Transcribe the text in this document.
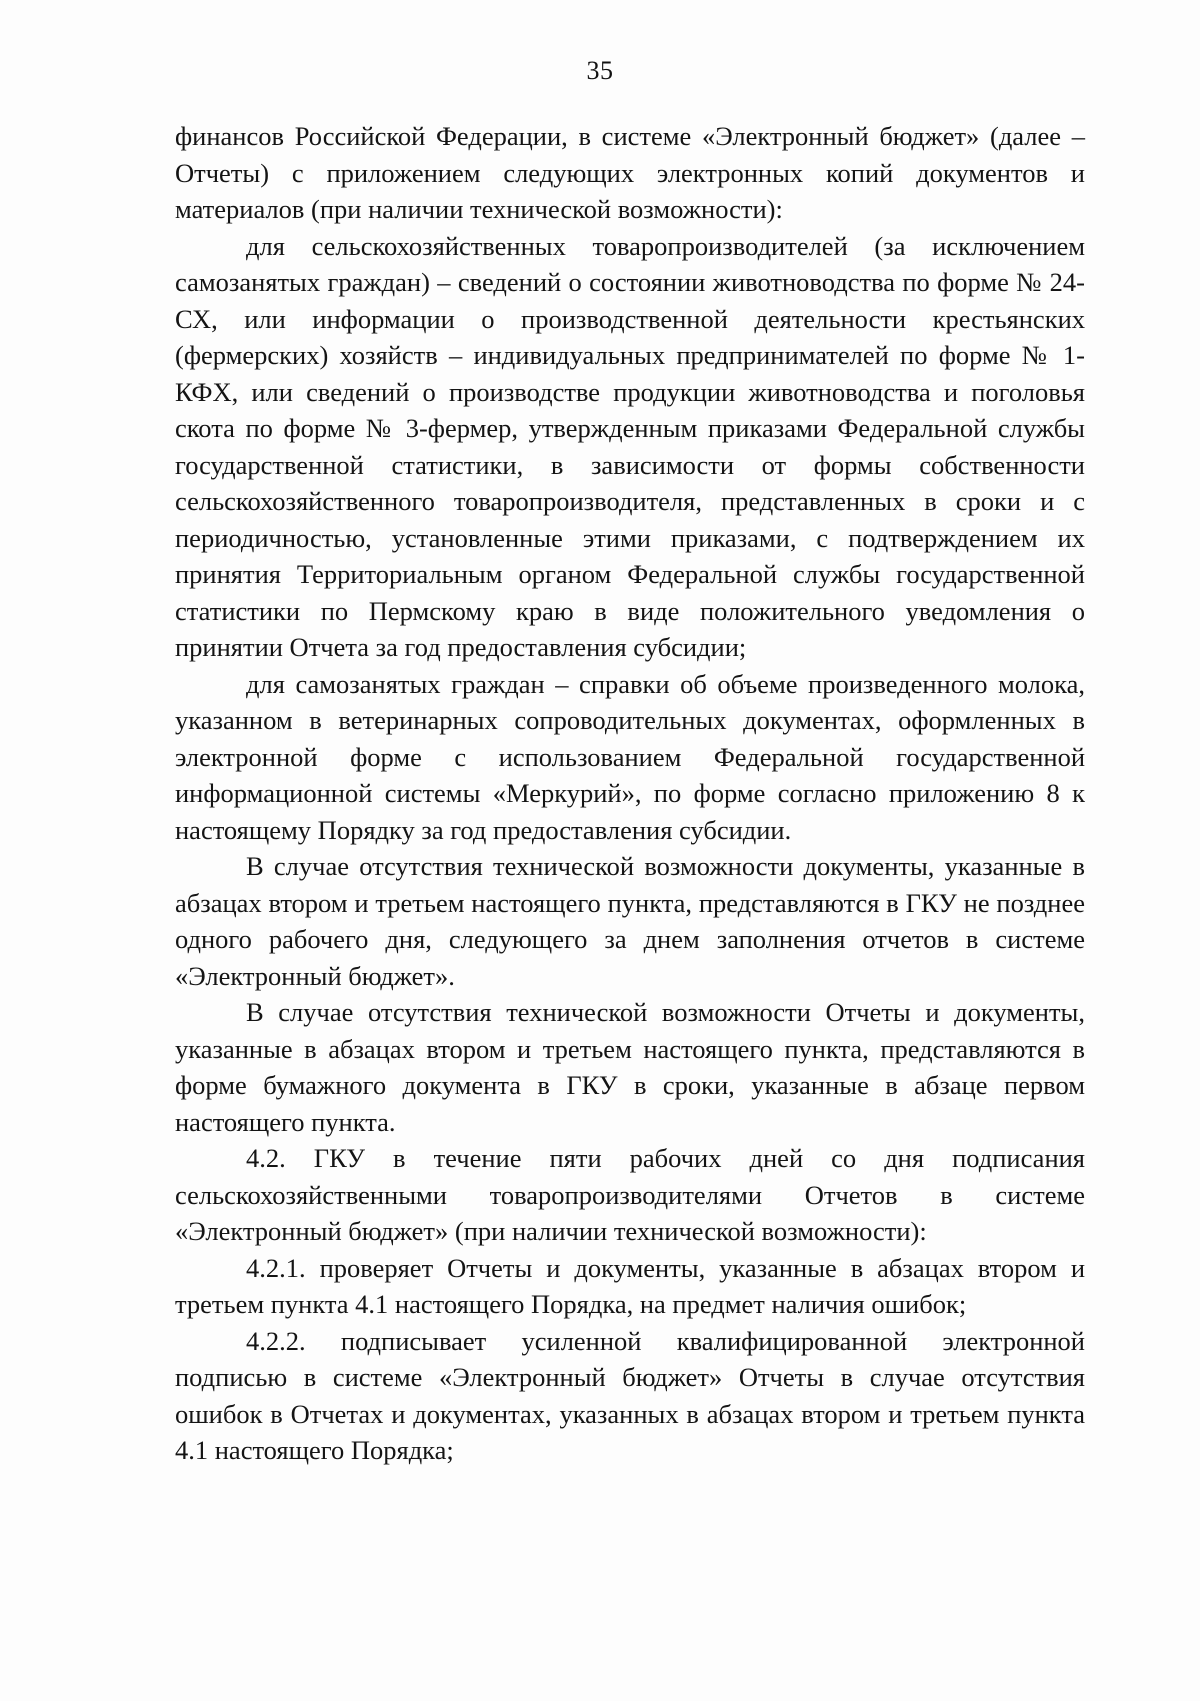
35

финансов Российской Федерации, в системе «Электронный бюджет» (далее – Отчеты) с приложением следующих электронных копий документов и материалов (при наличии технической возможности):

для сельскохозяйственных товаропроизводителей (за исключением самозанятых граждан) – сведений о состоянии животноводства по форме № 24-СХ, или информации о производственной деятельности крестьянских (фермерских) хозяйств – индивидуальных предпринимателей по форме № 1-КФХ, или сведений о производстве продукции животноводства и поголовья скота по форме № 3-фермер, утвержденным приказами Федеральной службы государственной статистики, в зависимости от формы собственности сельскохозяйственного товаропроизводителя, представленных в сроки и с периодичностью, установленные этими приказами, с подтверждением их принятия Территориальным органом Федеральной службы государственной статистики по Пермскому краю в виде положительного уведомления о принятии Отчета за год предоставления субсидии;

для самозанятых граждан – справки об объеме произведенного молока, указанном в ветеринарных сопроводительных документах, оформленных в электронной форме с использованием Федеральной государственной информационной системы «Меркурий», по форме согласно приложению 8 к настоящему Порядку за год предоставления субсидии.

В случае отсутствия технической возможности документы, указанные в абзацах втором и третьем настоящего пункта, представляются в ГКУ не позднее одного рабочего дня, следующего за днем заполнения отчетов в системе «Электронный бюджет».

В случае отсутствия технической возможности Отчеты и документы, указанные в абзацах втором и третьем настоящего пункта, представляются в форме бумажного документа в ГКУ в сроки, указанные в абзаце первом настоящего пункта.

4.2. ГКУ в течение пяти рабочих дней со дня подписания сельскохозяйственными товаропроизводителями Отчетов в системе «Электронный бюджет» (при наличии технической возможности):

4.2.1. проверяет Отчеты и документы, указанные в абзацах втором и третьем пункта 4.1 настоящего Порядка, на предмет наличия ошибок;

4.2.2. подписывает усиленной квалифицированной электронной подписью в системе «Электронный бюджет» Отчеты в случае отсутствия ошибок в Отчетах и документах, указанных в абзацах втором и третьем пункта 4.1 настоящего Порядка;
